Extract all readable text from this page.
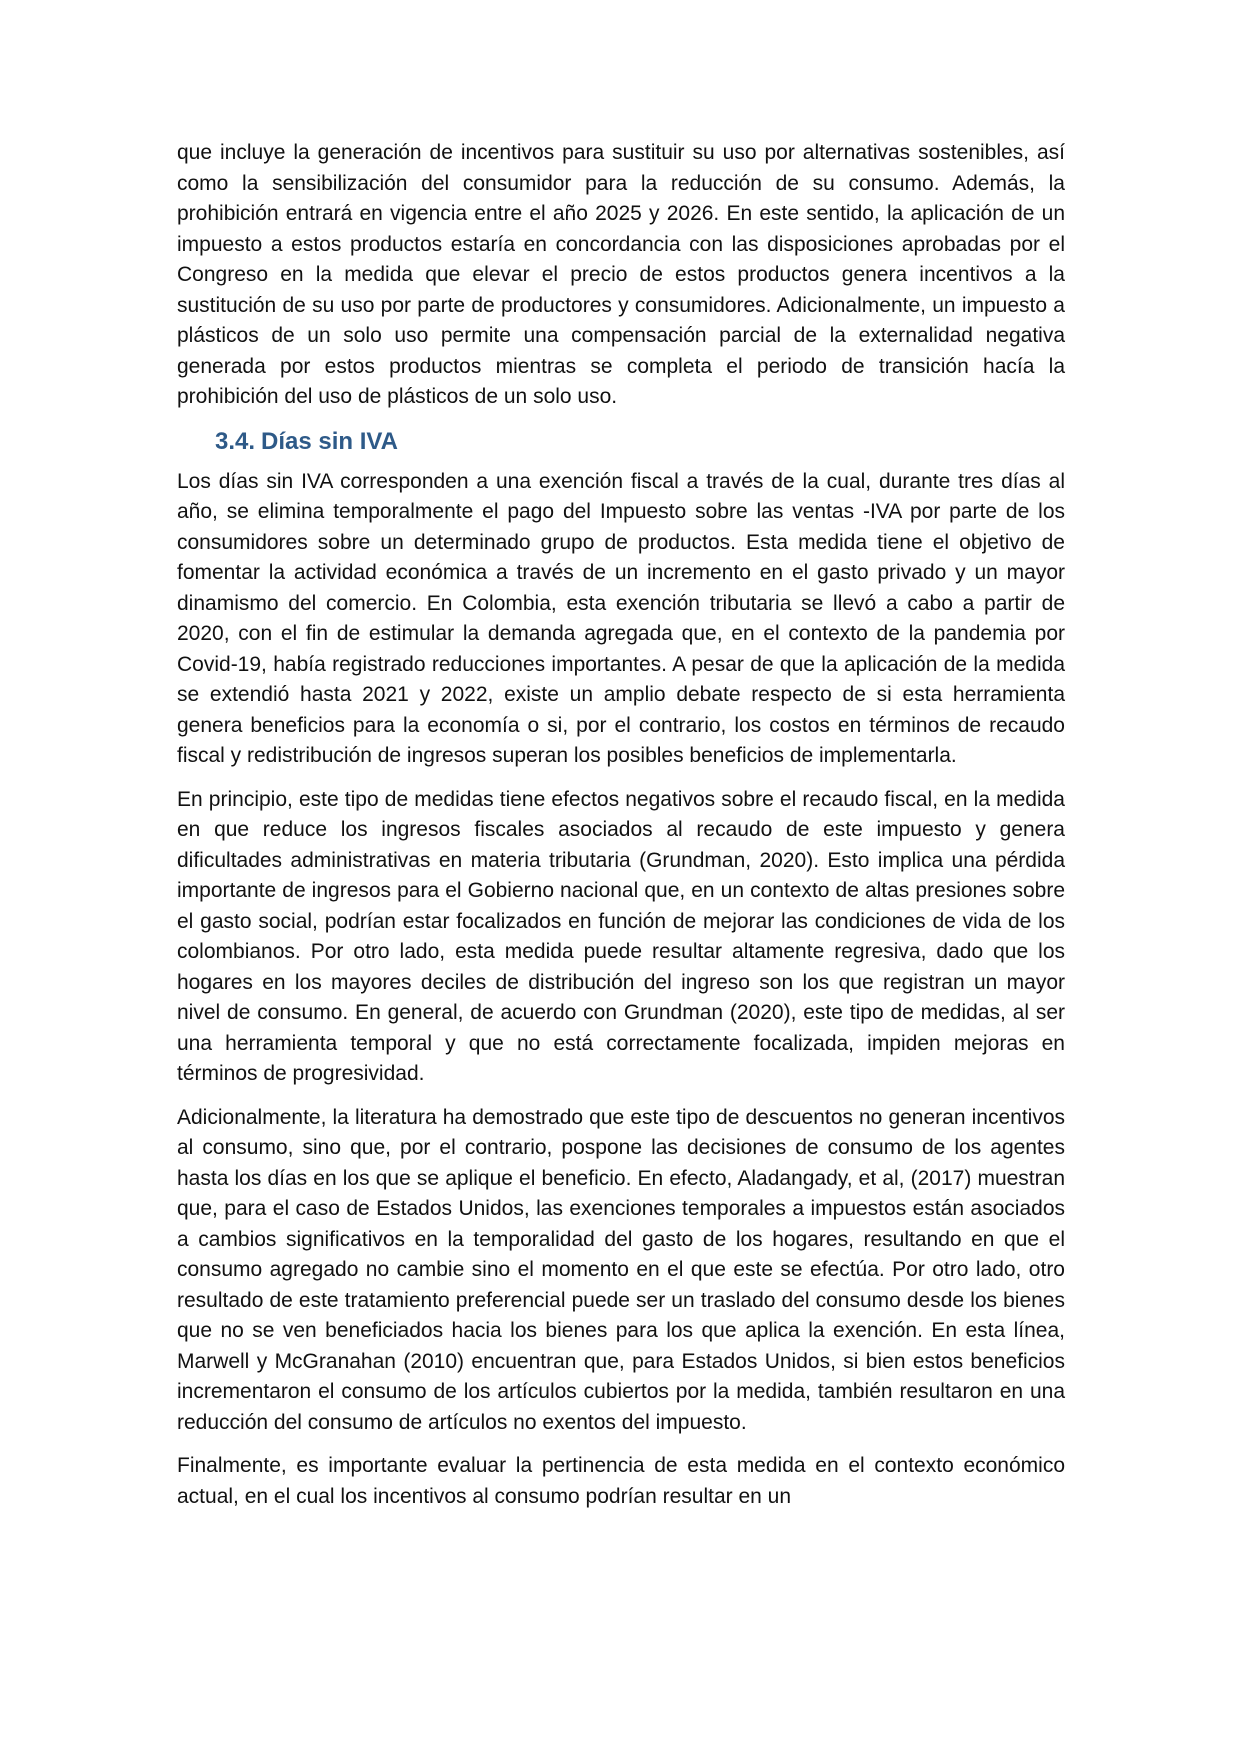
que incluye la generación de incentivos para sustituir su uso por alternativas sostenibles, así como la sensibilización del consumidor para la reducción de su consumo. Además, la prohibición entrará en vigencia entre el año 2025 y 2026. En este sentido, la aplicación de un impuesto a estos productos estaría en concordancia con las disposiciones aprobadas por el Congreso en la medida que elevar el precio de estos productos genera incentivos a la sustitución de su uso por parte de productores y consumidores. Adicionalmente, un impuesto a plásticos de un solo uso permite una compensación parcial de la externalidad negativa generada por estos productos mientras se completa el periodo de transición hacía la prohibición del uso de plásticos de un solo uso.

3.4. Días sin IVA

Los días sin IVA corresponden a una exención fiscal a través de la cual, durante tres días al año, se elimina temporalmente el pago del Impuesto sobre las ventas -IVA por parte de los consumidores sobre un determinado grupo de productos. Esta medida tiene el objetivo de fomentar la actividad económica a través de un incremento en el gasto privado y un mayor dinamismo del comercio. En Colombia, esta exención tributaria se llevó a cabo a partir de 2020, con el fin de estimular la demanda agregada que, en el contexto de la pandemia por Covid-19, había registrado reducciones importantes. A pesar de que la aplicación de la medida se extendió hasta 2021 y 2022, existe un amplio debate respecto de si esta herramienta genera beneficios para la economía o si, por el contrario, los costos en términos de recaudo fiscal y redistribución de ingresos superan los posibles beneficios de implementarla.

En principio, este tipo de medidas tiene efectos negativos sobre el recaudo fiscal, en la medida en que reduce los ingresos fiscales asociados al recaudo de este impuesto y genera dificultades administrativas en materia tributaria (Grundman, 2020). Esto implica una pérdida importante de ingresos para el Gobierno nacional que, en un contexto de altas presiones sobre el gasto social, podrían estar focalizados en función de mejorar las condiciones de vida de los colombianos. Por otro lado, esta medida puede resultar altamente regresiva, dado que los hogares en los mayores deciles de distribución del ingreso son los que registran un mayor nivel de consumo. En general, de acuerdo con Grundman (2020), este tipo de medidas, al ser una herramienta temporal y que no está correctamente focalizada, impiden mejoras en términos de progresividad.

Adicionalmente, la literatura ha demostrado que este tipo de descuentos no generan incentivos al consumo, sino que, por el contrario, pospone las decisiones de consumo de los agentes hasta los días en los que se aplique el beneficio. En efecto, Aladangady, et al, (2017) muestran que, para el caso de Estados Unidos, las exenciones temporales a impuestos están asociados a cambios significativos en la temporalidad del gasto de los hogares, resultando en que el consumo agregado no cambie sino el momento en el que este se efectúa. Por otro lado, otro resultado de este tratamiento preferencial puede ser un traslado del consumo desde los bienes que no se ven beneficiados hacia los bienes para los que aplica la exención. En esta línea, Marwell y McGranahan (2010) encuentran que, para Estados Unidos, si bien estos beneficios incrementaron el consumo de los artículos cubiertos por la medida, también resultaron en una reducción del consumo de artículos no exentos del impuesto.

Finalmente, es importante evaluar la pertinencia de esta medida en el contexto económico actual, en el cual los incentivos al consumo podrían resultar en un
